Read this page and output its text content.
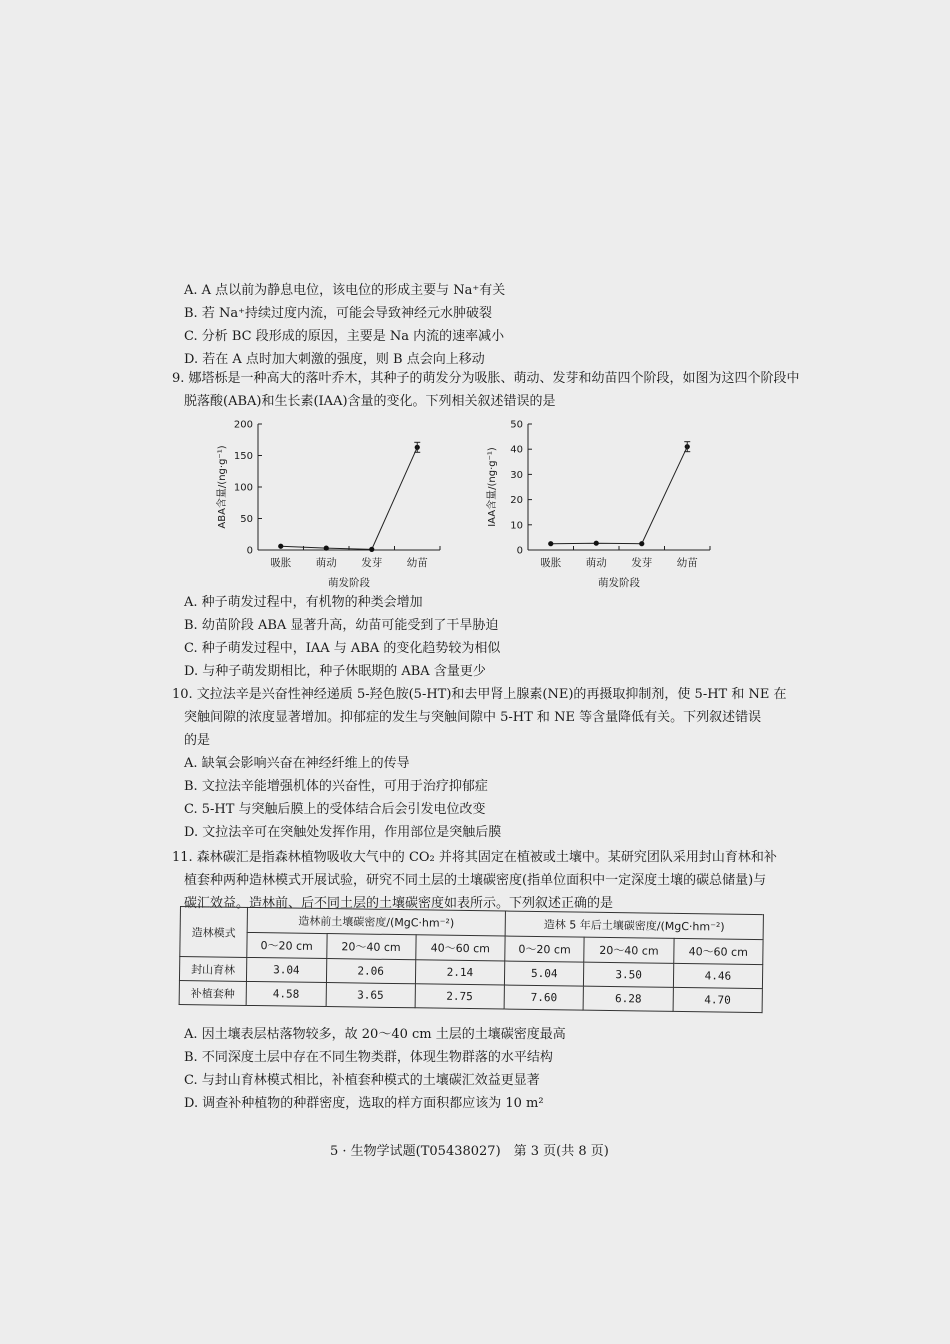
A. A 点以前为静息电位，该电位的形成主要与 Na⁺有关
B. 若 Na⁺持续过度内流，可能会导致神经元水肿破裂
C. 分析 BC 段形成的原因，主要是 Na 内流的速率减小
D. 若在 A 点时加大刺激的强度，则 B 点会向上移动
9. 娜塔栎是一种高大的落叶乔木，其种子的萌发分为吸胀、萌动、发芽和幼苗四个阶段，如图为这四个阶段中
脱落酸(ABA)和生长素(IAA)含量的变化。下列相关叙述错误的是
0
50
100
150
200
ABA含量/(ng·g⁻¹)
吸胀 萌动 发芽 幼苗
萌发阶段
0
10
20
30
40
50
IAA含量/(ng·g⁻¹)
吸胀 萌动 发芽 幼苗
萌发阶段
A. 种子萌发过程中，有机物的种类会增加
B. 幼苗阶段 ABA 显著升高，幼苗可能受到了干旱胁迫
C. 种子萌发过程中，IAA 与 ABA 的变化趋势较为相似
D. 与种子萌发期相比，种子休眠期的 ABA 含量更少
10. 文拉法辛是兴奋性神经递质 5-羟色胺(5-HT)和去甲肾上腺素(NE)的再摄取抑制剂，使 5-HT 和 NE 在
突触间隙的浓度显著增加。抑郁症的发生与突触间隙中 5-HT 和 NE 等含量降低有关。下列叙述错误
的是
A. 缺氧会影响兴奋在神经纤维上的传导
B. 文拉法辛能增强机体的兴奋性，可用于治疗抑郁症
C. 5-HT 与突触后膜上的受体结合后会引发电位改变
D. 文拉法辛可在突触处发挥作用，作用部位是突触后膜
11. 森林碳汇是指森林植物吸收大气中的 CO₂ 并将其固定在植被或土壤中。某研究团队采用封山育林和补
植套种两种造林模式开展试验，研究不同土层的土壤碳密度(指单位面积中一定深度土壤的碳总储量)与
碳汇效益。造林前、后不同土层的土壤碳密度如表所示。下列叙述正确的是
造林模式	造林前土壤碳密度/(MgC·hm⁻²)			造林 5 年后土壤碳密度/(MgC·hm⁻²)		
	0～20 cm	20～40 cm	40～60 cm	0～20 cm	20～40 cm	40～60 cm
封山育林	3.04	2.06	2.14	5.04	3.50	4.46
补植套种	4.58	3.65	2.75	7.60	6.28	4.70
A. 因土壤表层枯落物较多，故 20～40 cm 土层的土壤碳密度最高
B. 不同深度土层中存在不同生物类群，体现生物群落的水平结构
C. 与封山育林模式相比，补植套种模式的土壤碳汇效益更显著
D. 调查补种植物的种群密度，选取的样方面积都应该为 10 m²
5 · 生物学试题(T05438027)　第 3 页(共 8 页)
